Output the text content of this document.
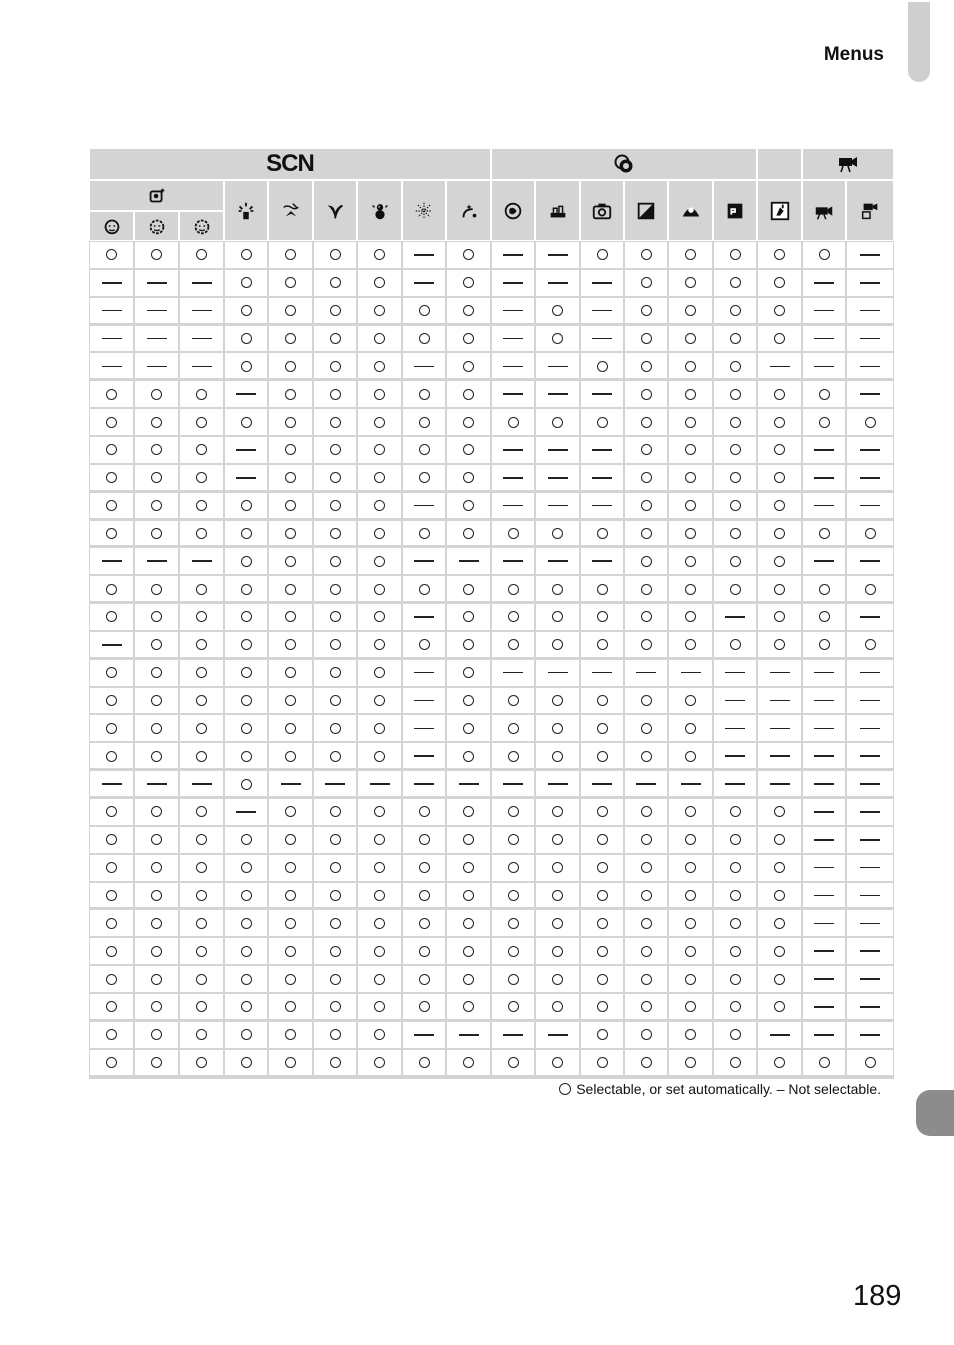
Menus
SCN
Selectable, or set automatically. – Not selectable.
189
